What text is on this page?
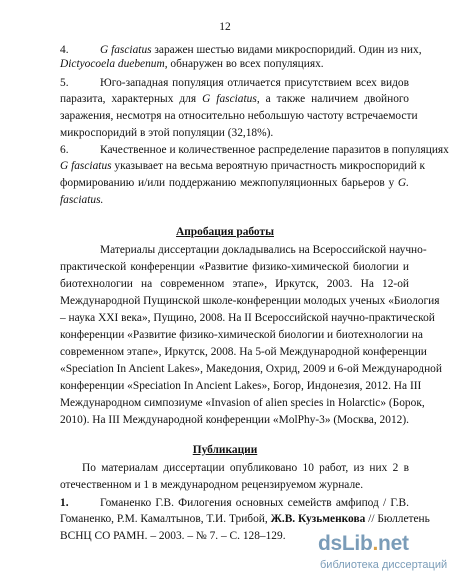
12
4.	G fasciatus заражен шестью видами микроспоридий. Один из них,
Dictyocoela duebenum, обнаружен во всех популяциях.
5.	Юго-западная популяция отличается присутствием всех видов
паразита, характерных для G fasciatus, а также наличием двойного
заражения, несмотря на относительно небольшую частоту встречаемости
микроспоридий в этой популяции (32,18%).
6.	Качественное и количественное распределение паразитов в популяциях
G fasciatus указывает на весьма вероятную причастность микроспоридий к
формированию и/или поддержанию межпопуляционных барьеров у G.
fasciatus.
Апробация работы
Материалы диссертации докладывались на Всероссийской научно-
практической конференции «Развитие физико-химической биологии и
биотехнологии на современном этапе», Иркутск, 2003. На 12-ой
Международной Пущинской школе-конференции молодых ученых «Биология
– наука XXI века», Пущино, 2008. На II Всероссийской научно-практической
конференции «Развитие физико-химической биологии и биотехнологии на
современном этапе», Иркутск, 2008. На 5-ой Международной конференции
«Speciation In Ancient Lakes», Македония, Охрид, 2009 и 6-ой Международной
конференции «Speciation In Ancient Lakes», Богор, Индонезия, 2012. На III
Международном симпозиуме «Invasion of alien species in Holarctic» (Борок,
2010). На III Международной конференции «MolPhy-3» (Москва, 2012).
Публикации
По материалам диссертации опубликовано 10 работ, из них 2 в
отечественном и 1 в международном рецензируемом журнале.
1.	Гоманенко Г.В. Филогения основных семейств амфипод / Г.В.
Гоманенко, Р.М. Камалтынов, Т.И. Трибой, Ж.В. Кузьменкова // Бюллетень
ВСНЦ СО РАМН. – 2003. – № 7. – С. 128–129.	dsLib.net
библиотека диссертаций
